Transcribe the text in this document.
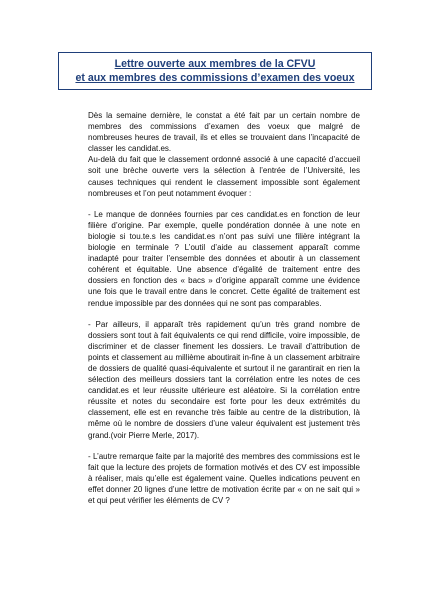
Lettre ouverte aux membres de la CFVU
et aux membres des commissions d’examen des voeux

Dès la semaine dernière, le constat a été fait par un certain nombre de membres des commissions d’examen des voeux que malgré de nombreuses heures de travail, ils et elles se trouvaient dans l’incapacité de classer les candidat.es.

Au-delà du fait que le classement ordonné associé à une capacité d’accueil soit une brèche ouverte vers la sélection à l’entrée de l’Université, les causes techniques qui rendent le classement impossible sont également nombreuses et l’on peut notamment évoquer :

- Le manque de données fournies par ces candidat.es en fonction de leur filière d’origine. Par exemple, quelle pondération donnée à une note en biologie si tou.te.s les candidat.es n’ont pas suivi une filière intégrant la biologie en terminale ? L’outil d’aide au classement apparaît comme inadapté pour traiter l’ensemble des données et aboutir à un classement cohérent et équitable. Une absence d’égalité de traitement entre des dossiers en fonction des « bacs » d’origine apparaît comme une évidence une fois que le travail entre dans le concret. Cette égalité de traitement est rendue impossible par des données qui ne sont pas comparables.

- Par ailleurs, il apparaît très rapidement qu’un très grand nombre de dossiers sont tout à fait équivalents ce qui rend difficile, voire impossible, de discriminer et de classer finement les dossiers. Le travail d’attribution de points et classement au millième aboutirait in-fine à un classement arbitraire de dossiers de qualité quasi-équivalente et surtout il ne garantirait en rien la sélection des meilleurs dossiers tant la corrélation entre les notes de ces candidat.es et leur réussite ultérieure est aléatoire. Si la corrélation entre réussite et notes du secondaire est forte pour les deux extrémités du classement, elle est en revanche très faible au centre de la distribution, là même où le nombre de dossiers d’une valeur équivalent est justement très grand.(voir Pierre Merle, 2017).

- L’autre remarque faite par la majorité des membres des commissions est le fait que la lecture des projets de formation motivés et des CV est impossible à réaliser, mais qu’elle est également vaine. Quelles indications peuvent en effet donner 20 lignes d’une lettre de motivation écrite par « on ne sait qui » et qui peut vérifier les éléments de CV ?
